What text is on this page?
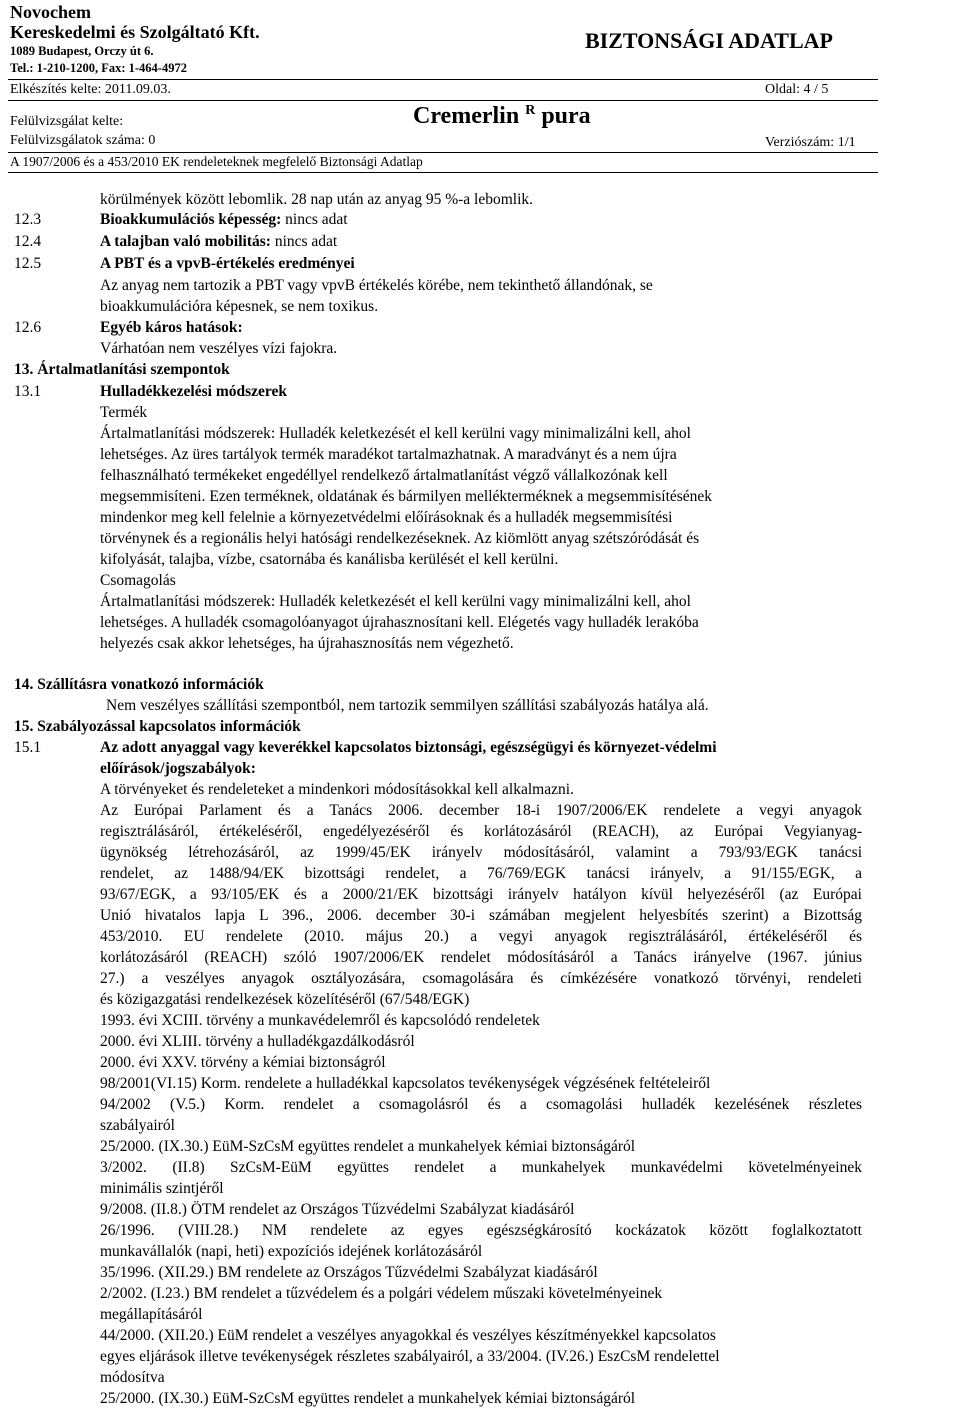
Novochem
Kereskedelmi és Szolgáltató Kft.
1089 Budapest, Orczy út 6.
Tel.: 1-210-1200, Fax: 1-464-4972
BIZTONSÁGI ADATLAP
Elkészítés kelte: 2011.09.03.	Oldal: 4 / 5
Felülvizsgálat kelte:
Felülvizsgálatok száma: 0
Cremerlin $^R$ pura
Verziószám: 1/1
A 1907/2006 és a 453/2010 EK rendeleteknek megfelelő Biztonsági Adatlap
körülmények között lebomlik. 28 nap után az anyag 95 %-a lebomlik.
12.3	Bioakkumulációs képesség: nincs adat
12.4	A talajban való mobilitás: nincs adat
12.5	A PBT és a vpvB-értékelés eredményei
Az anyag nem tartozik a PBT vagy vpvB értékelés körébe, nem tekinthető állandónak, se
bioakkumulációra képesnek, se nem toxikus.
12.6	Egyéb káros hatások:
Várhatóan nem veszélyes vízi fajokra.
13. Ártalmatlanítási szempontok
13.1	Hulladékkezelési módszerek
Termék
Ártalmatlanítási módszerek: Hulladék keletkezését el kell kerülni vagy minimalizálni kell, ahol
lehetséges. Az üres tartályok termék maradékot tartalmazhatnak. A maradványt és a nem újra
felhasználható termékeket engedéllyel rendelkező ártalmatlanítást végző vállalkozónak kell
megsemmisíteni. Ezen terméknek, oldatának és bármilyen mellékterméknek a megsemmisítésének
mindenkor meg kell felelnie a környezetvédelmi előírásoknak és a hulladék megsemmisítési
törvénynek és a regionális helyi hatósági rendelkezéseknek. Az kiömlött anyag szétszóródását és
kifolyását, talajba, vízbe, csatornába és kanálisba kerülését el kell kerülni.
Csomagolás
Ártalmatlanítási módszerek: Hulladék keletkezését el kell kerülni vagy minimalizálni kell, ahol
lehetséges. A hulladék csomagolóanyagot újrahasznosítani kell. Elégetés vagy hulladék lerakóba
helyezés csak akkor lehetséges, ha újrahasznosítás nem végezhető.
14. Szállításra vonatkozó információk
Nem veszélyes szállítási szempontból, nem tartozik semmilyen szállítási szabályozás hatálya alá.
15. Szabályozással kapcsolatos információk
15.1	Az adott anyaggal vagy keverékkel kapcsolatos biztonsági, egészségügyi és környezet-védelmi
előírások/jogszabályok:
A törvényeket és rendeleteket a mindenkori módosításokkal kell alkalmazni.
Az Európai Parlament és a Tanács 2006. december 18-i 1907/2006/EK rendelete a vegyi anyagok
regisztrálásáról, értékeléséről, engedélyezéséről és korlátozásáról (REACH), az Európai Vegyianyag-
ügynökség létrehozásáról, az 1999/45/EK irányelv módosításáról, valamint a 793/93/EGK tanácsi
rendelet, az 1488/94/EK bizottsági rendelet, a 76/769/EGK tanácsi irányelv, a 91/155/EGK, a
93/67/EGK, a 93/105/EK és a 2000/21/EK bizottsági irányelv hatályon kívül helyezéséről (az Európai
Unió hivatalos lapja L 396., 2006. december 30-i számában megjelent helyesbítés szerint) a Bizottság
453/2010. EU rendelete (2010. május 20.) a vegyi anyagok regisztrálásáról, értékeléséről és
korlátozásáról (REACH) szóló 1907/2006/EK rendelet módosításáról a Tanács irányelve (1967. június
27.) a veszélyes anyagok osztályozására, csomagolására és címkézésére vonatkozó törvényi, rendeleti
és közigazgatási rendelkezések közelítéséről (67/548/EGK)
1993. évi XCIII. törvény a munkavédelemről és kapcsolódó rendeletek
2000. évi XLIII. törvény a hulladékgazdálkodásról
2000. évi XXV. törvény a kémiai biztonságról
98/2001(VI.15) Korm. rendelete a hulladékkal kapcsolatos tevékenységek végzésének feltételeiről
94/2002 (V.5.) Korm. rendelet a csomagolásról és a csomagolási hulladék kezelésének részletes
szabályairól
25/2000. (IX.30.) EüM-SzCsM együttes rendelet a munkahelyek kémiai biztonságáról
3/2002. (II.8) SzCsM-EüM együttes rendelet a munkahelyek munkavédelmi követelményeinek
minimális szintjéről
9/2008. (II.8.) ÖTM rendelet az Országos Tűzvédelmi Szabályzat kiadásáról
26/1996. (VIII.28.) NM rendelete az egyes egészségkárosító kockázatok között foglalkoztatott
munkavállalók (napi, heti) expozíciós idejének korlátozásáról
35/1996. (XII.29.) BM rendelete az Országos Tűzvédelmi Szabályzat kiadásáról
2/2002. (I.23.) BM rendelet a tűzvédelem és a polgári védelem műszaki követelményeinek
megállapításáról
44/2000. (XII.20.) EüM rendelet a veszélyes anyagokkal és veszélyes készítményekkel kapcsolatos
egyes eljárások illetve tevékenységek részletes szabályairól, a 33/2004. (IV.26.) EszCsM rendelettel
módosítva
25/2000. (IX.30.) EüM-SzCsM együttes rendelet a munkahelyek kémiai biztonságáról
